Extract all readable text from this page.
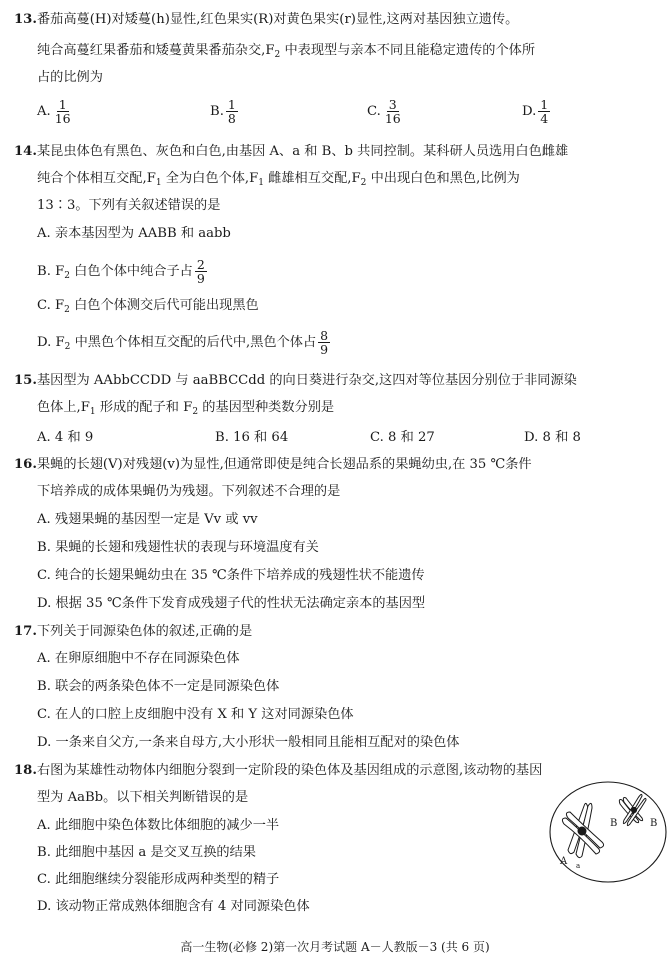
13.番茄高蔓(H)对矮蔓(h)显性,红色果实(R)对黄色果实(r)显性,这两对基因独立遗传。
纯合高蔓红果番茄和矮蔓黄果番茄杂交$,F_2$ 中表现型与亲本不同且能稳定遗传的个体所
占的比例为
A. $\frac{1}{16}$	B. $\frac{1}{8}$	C. $\frac{3}{16}$	D. $\frac{1}{4}$
14.某昆虫体色有黑色、灰色和白色,由基因 A、a 和 B、b 共同控制。某科研人员选用白色雌雄
纯合个体相互交配$,F_1$ 全为白色个体$,F_1$ 雌雄相互交配$,F_2$ 中出现白色和黑色,比例为
13∶3。下列有关叙述错误的是
A. 亲本基因型为 AABB 和 aabb
B. $F_2$ 白色个体中纯合子占 $\frac{2}{9}$
C. $F_2$ 白色个体测交后代可能出现黑色
D. $F_2$ 中黑色个体相互交配的后代中,黑色个体占 $\frac{8}{9}$
15.基因型为 AAbbCCDD 与 aaBBCCdd 的向日葵进行杂交,这四对等位基因分别位于非同源染
色体上$,F_1$ 形成的配子和 $F_2$ 的基因型种类数分别是
A. 4 和 9	B. 16 和 64	C. 8 和 27	D. 8 和 8
16.果蝇的长翅(V)对残翅(v)为显性,但通常即使是纯合长翅品系的果蝇幼虫,在 35 ℃条件
下培养成的成体果蝇仍为残翅。下列叙述不合理的是
A. 残翅果蝇的基因型一定是 Vv 或 vv
B. 果蝇的长翅和残翅性状的表现与环境温度有关
C. 纯合的长翅果蝇幼虫在 35 ℃条件下培养成的残翅性状不能遗传
D. 根据 35 ℃条件下发育成残翅子代的性状无法确定亲本的基因型
17.下列关于同源染色体的叙述,正确的是
A. 在卵原细胞中不存在同源染色体
B. 联会的两条染色体不一定是同源染色体
C. 在人的口腔上皮细胞中没有 X 和 Y 这对同源染色体
D. 一条来自父方,一条来自母方,大小形状一般相同且能相互配对的染色体
18.右图为某雄性动物体内细胞分裂到一定阶段的染色体及基因组成的示意图,该动物的基因
型为 AaBb。以下相关判断错误的是
A. 此细胞中染色体数比体细胞的减少一半
B. 此细胞中基因 a 是交叉互换的结果
C. 此细胞继续分裂能形成两种类型的精子
D. 该动物正常成熟体细胞含有 4 对同源染色体
A a
B	B
高一生物(必修 2)第一次月考试题 A－人教版－3 (共 6 页)
